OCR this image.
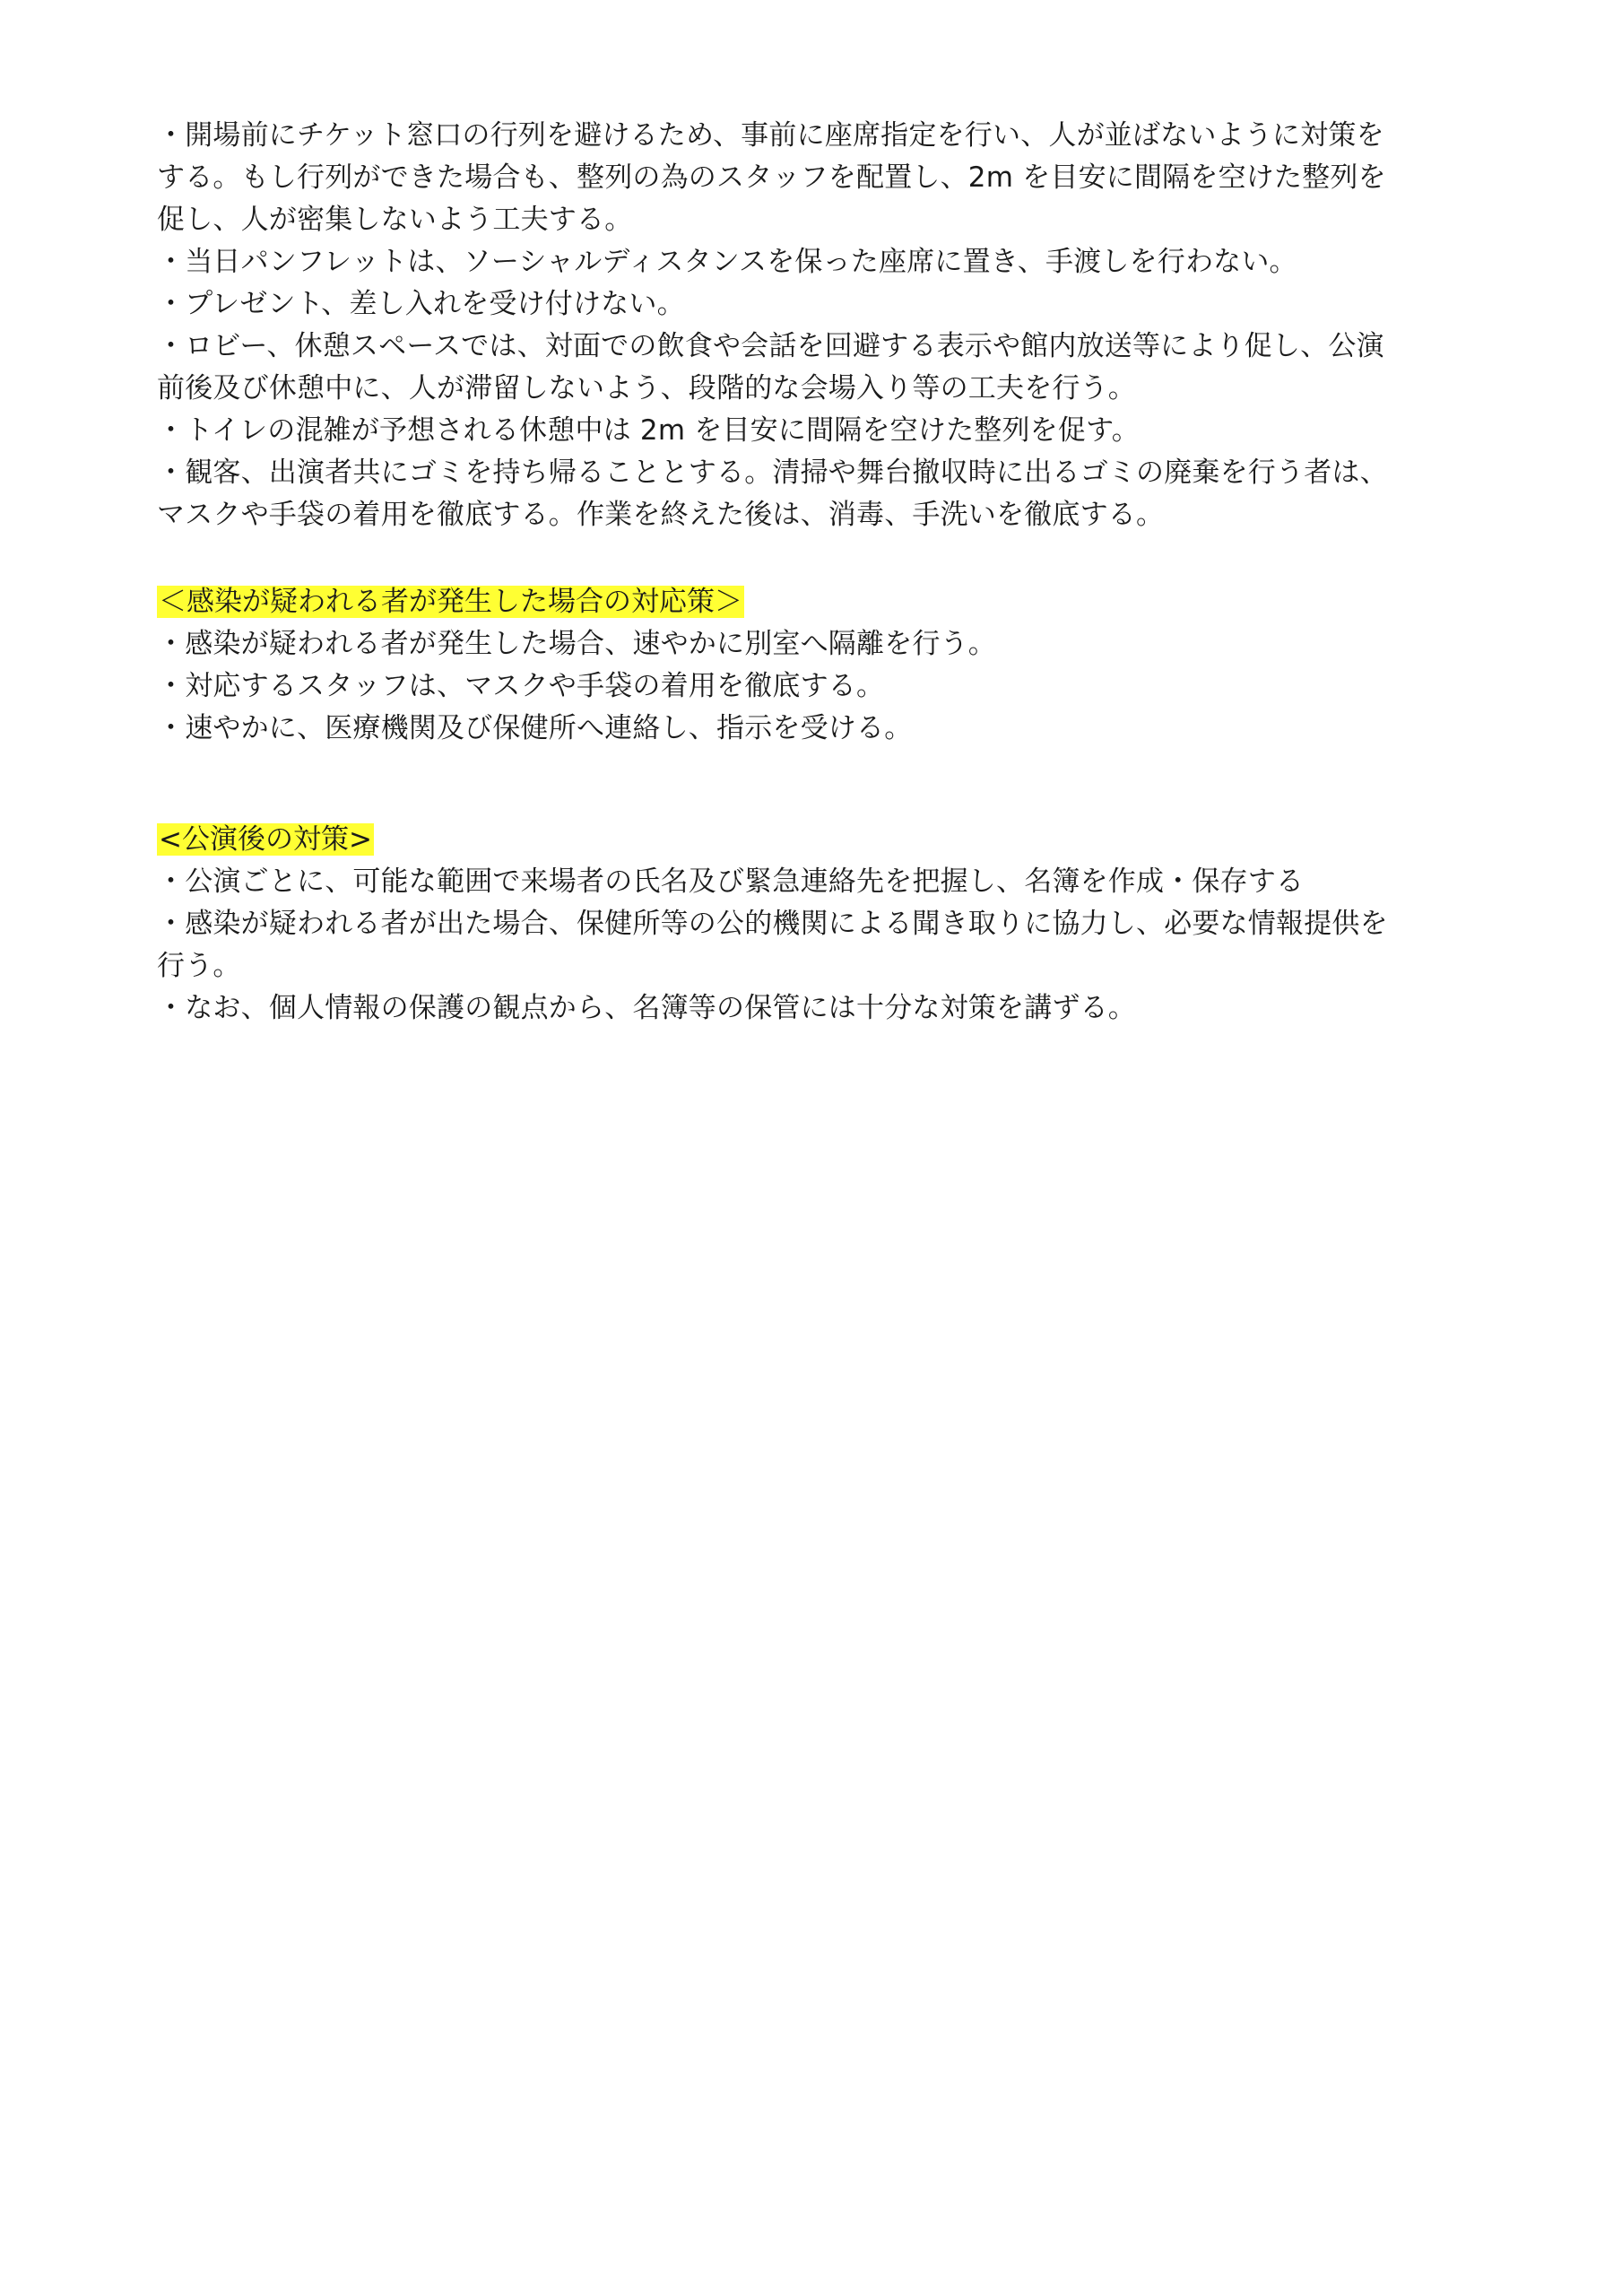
・開場前にチケット窓口の行列を避けるため、事前に座席指定を行い、人が並ばないように対策を
する。もし行列ができた場合も、整列の為のスタッフを配置し、2m を目安に間隔を空けた整列を
促し、人が密集しないよう工夫する。
・当日パンフレットは、ソーシャルディスタンスを保った座席に置き、手渡しを行わない。
・プレゼント、差し入れを受け付けない。
・ロビー、休憩スペースでは、対面での飲食や会話を回避する表示や館内放送等により促し、公演
前後及び休憩中に、人が滞留しないよう、段階的な会場入り等の工夫を行う。
・トイレの混雑が予想される休憩中は 2m を目安に間隔を空けた整列を促す。
・観客、出演者共にゴミを持ち帰ることとする。清掃や舞台撤収時に出るゴミの廃棄を行う者は、
マスクや手袋の着用を徹底する。作業を終えた後は、消毒、手洗いを徹底する。
＜感染が疑われる者が発生した場合の対応策＞
・感染が疑われる者が発生した場合、速やかに別室へ隔離を行う。
・対応するスタッフは、マスクや手袋の着用を徹底する。
・速やかに、医療機関及び保健所へ連絡し、指示を受ける。
<公演後の対策>
・公演ごとに、可能な範囲で来場者の氏名及び緊急連絡先を把握し、名簿を作成・保存する
・感染が疑われる者が出た場合、保健所等の公的機関による聞き取りに協力し、必要な情報提供を
行う。
・なお、個人情報の保護の観点から、名簿等の保管には十分な対策を講ずる。
